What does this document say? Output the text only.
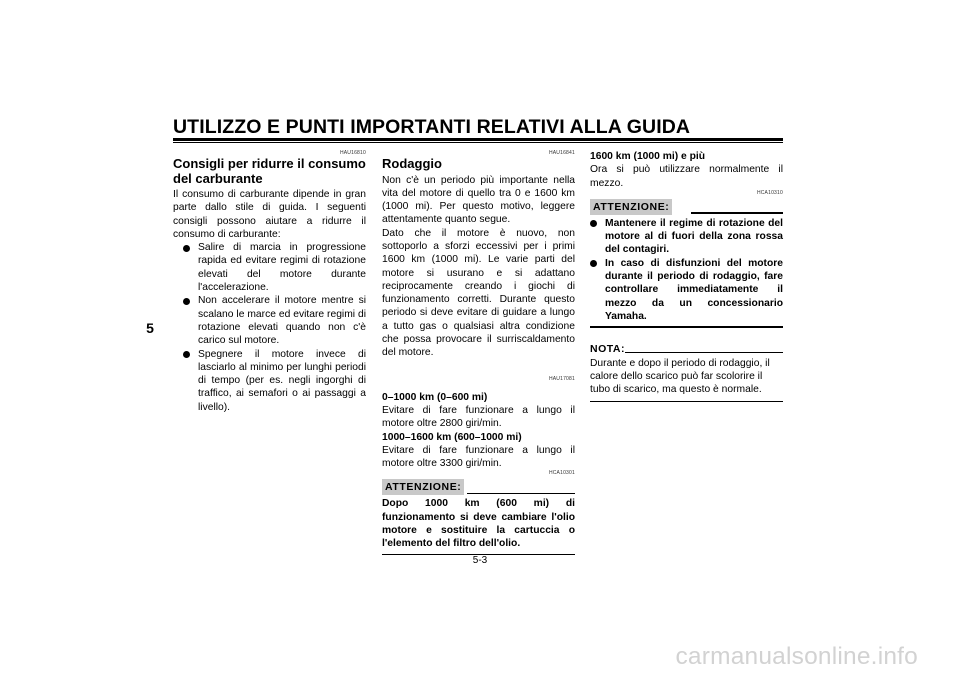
UTILIZZO E PUNTI IMPORTANTI RELATIVI ALLA GUIDA
5
HAU16810
Consigli per ridurre il consumo
del carburante

Il consumo di carburante dipende in gran parte dallo stile di guida. I seguenti consigli possono aiutare a ridurre il consumo di carburante:

Salire di marcia in progressione rapida ed evitare regimi di rotazione elevati del motore durante l'accelerazione.
Non accelerare il motore mentre si scalano le marce ed evitare regimi di rotazione elevati quando non c'è carico sul motore.
Spegnere il motore invece di lasciarlo al minimo per lunghi periodi di tempo (per es. negli ingorghi di traffico, ai semafori o ai passaggi a livello).
HAU16841
Rodaggio

Non c'è un periodo più importante nella vita del motore di quello tra 0 e 1600 km (1000 mi). Per questo motivo, leggere attentamente quanto segue.

Dato che il motore è nuovo, non sottoporlo a sforzi eccessivi per i primi 1600 km (1000 mi). Le varie parti del motore si usurano e si adattano reciprocamente creando i giochi di funzionamento corretti. Durante questo periodo si deve evitare di guidare a lungo a tutto gas o qualsiasi altra condizione che possa provocare il surriscaldamento del motore.

HAU17081

0–1000 km (0–600 mi)

Evitare di fare funzionare a lungo il motore oltre 2800 giri/min.

1000–1600 km (600–1000 mi)

Evitare di fare funzionare a lungo il motore oltre 3300 giri/min.

HCA10301
ATTENZIONE:

Dopo 1000 km (600 mi) di funzionamento si deve cambiare l'olio motore e sostituire la cartuccia o l'elemento del filtro dell'olio.

1600 km (1000 mi) e più

Ora si può utilizzare normalmente il mezzo.

HCA10310
ATTENZIONE:
Mantenere il regime di rotazione del motore al di fuori della zona rossa del contagiri.
In caso di disfunzioni del motore durante il periodo di rodaggio, fare controllare immediatamente il mezzo da un concessionario Yamaha.
NOTA:

Durante e dopo il periodo di rodaggio, il calore dello scarico può far scolorire il tubo di scarico, ma questo è normale.

5-3
carmanualsonline.info
